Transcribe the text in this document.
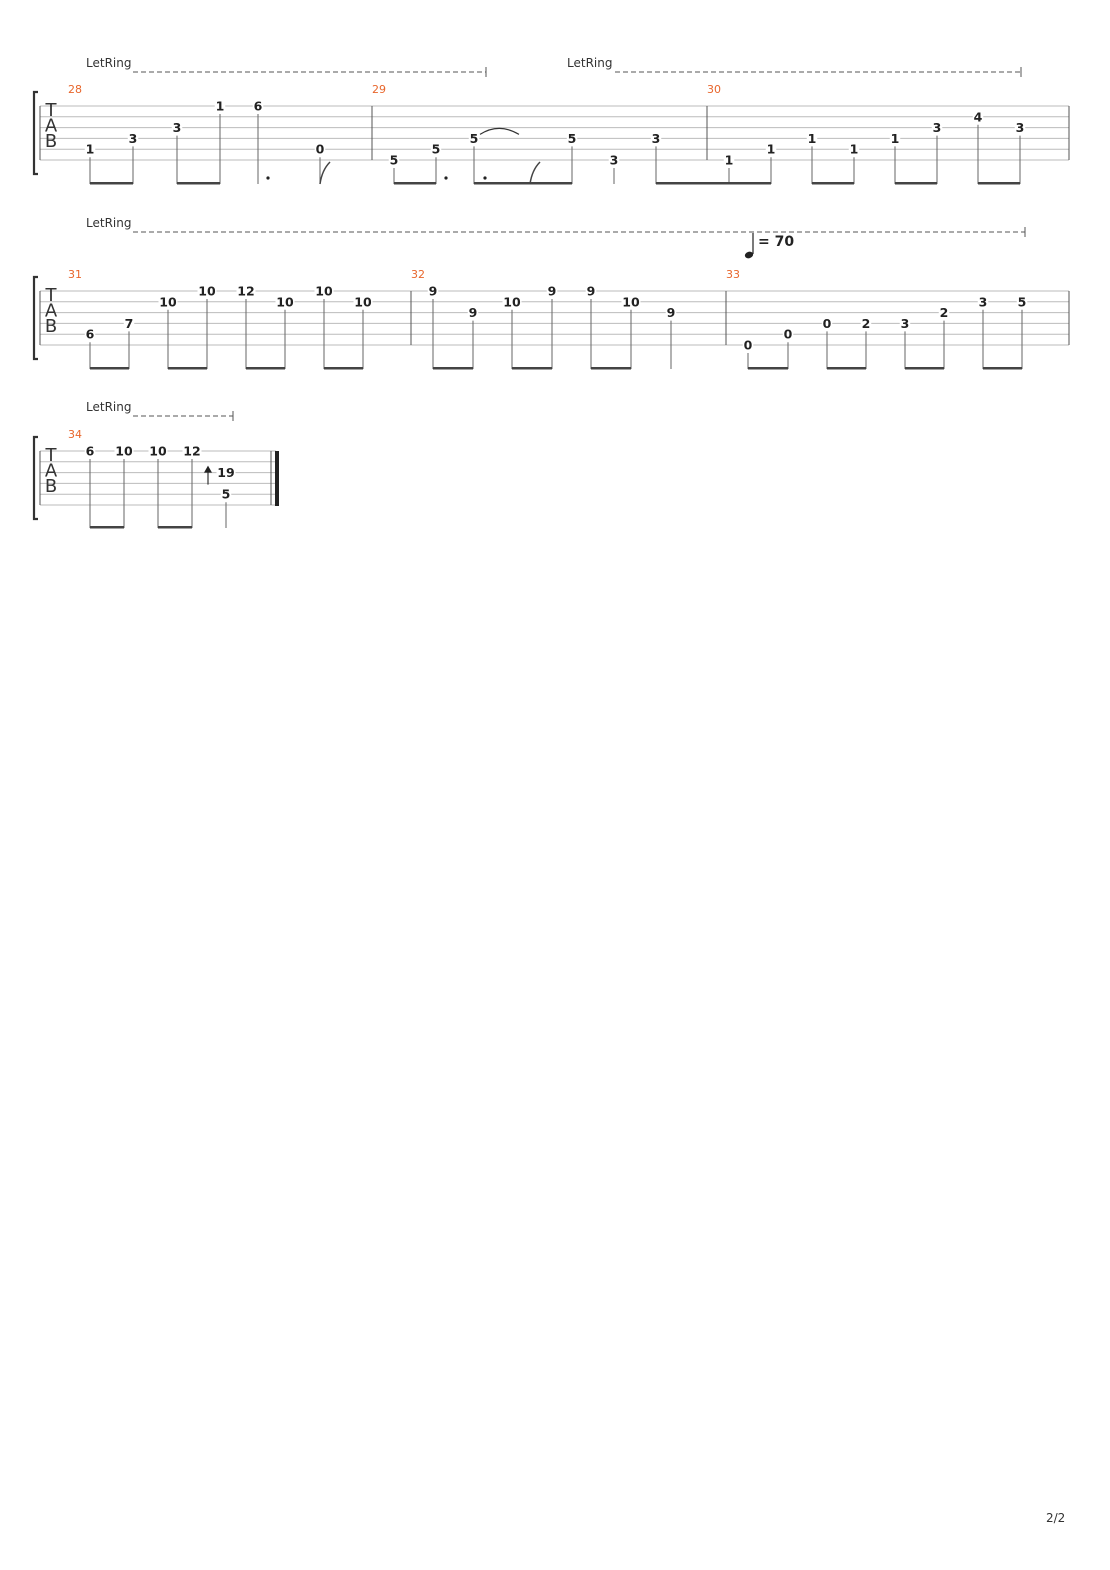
T
A
B
LetRing	LetRing
28
1
3
3
1 6
0
29
5
5
5	5
3
3
30
1
1
1
1
1
3
4
3
T
A
B
LetRing
= 70
31
6
7
10
10 12
10
10
10
32
9
9
10
9 9
10
9
33
0
0
0 2 3
2
3 5
T
A
B
LetRing
34
6 10 10 12
19
5
2/2
